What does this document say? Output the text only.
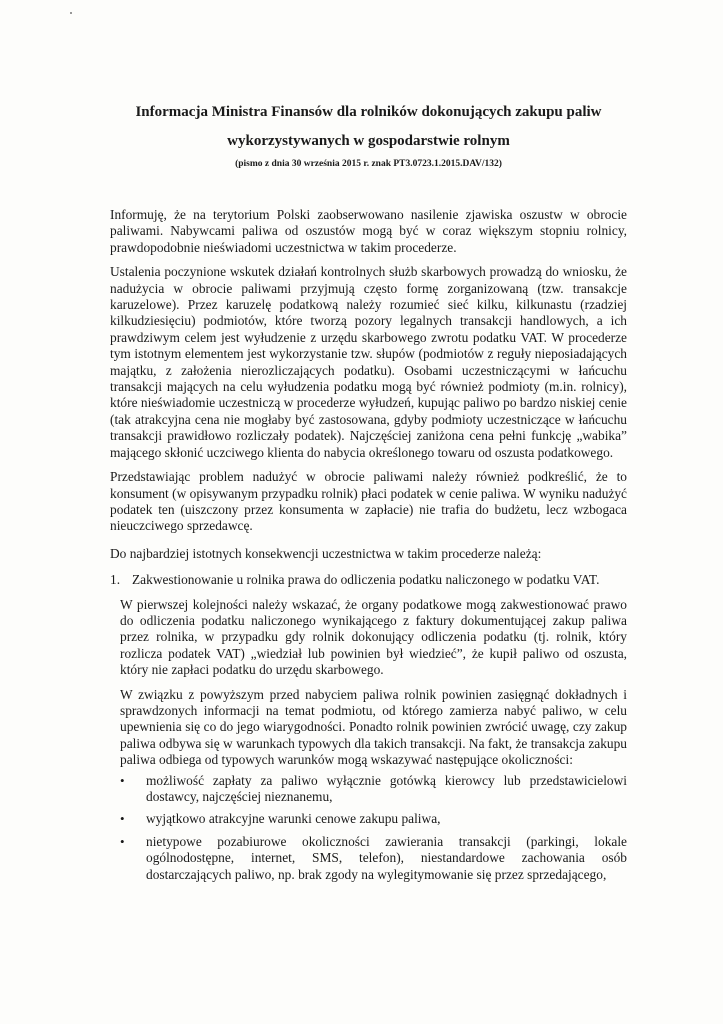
Informacja Ministra Finansów dla rolników dokonujących zakupu paliw wykorzystywanych w gospodarstwie rolnym
(pismo z dnia 30 września 2015 r. znak PT3.0723.1.2015.DAV/132)

Informuję, że na terytorium Polski zaobserwowano nasilenie zjawiska oszustw w obrocie paliwami. Nabywcami paliwa od oszustów mogą być w coraz większym stopniu rolnicy, prawdopodobnie nieświadomi uczestnictwa w takim procederze.

Ustalenia poczynione wskutek działań kontrolnych służb skarbowych prowadzą do wniosku, że nadużycia w obrocie paliwami przyjmują często formę zorganizowaną (tzw. transakcje karuzelowe). Przez karuzelę podatkową należy rozumieć sieć kilku, kilkunastu (rzadziej kilkudziesięciu) podmiotów, które tworzą pozory legalnych transakcji handlowych, a ich prawdziwym celem jest wyłudzenie z urzędu skarbowego zwrotu podatku VAT. W procederze tym istotnym elementem jest wykorzystanie tzw. słupów (podmiotów z reguły nieposiadających majątku, z założenia nierozliczających podatku). Osobami uczestniczącymi w łańcuchu transakcji mających na celu wyłudzenia podatku mogą być również podmioty (m.in. rolnicy), które nieświadomie uczestniczą w procederze wyłudzeń, kupując paliwo po bardzo niskiej cenie (tak atrakcyjna cena nie mogłaby być zastosowana, gdyby podmioty uczestniczące w łańcuchu transakcji prawidłowo rozliczały podatek). Najczęściej zaniżona cena pełni funkcję „wabika” mającego skłonić uczciwego klienta do nabycia określonego towaru od oszusta podatkowego.

Przedstawiając problem nadużyć w obrocie paliwami należy również podkreślić, że to konsument (w opisywanym przypadku rolnik) płaci podatek w cenie paliwa. W wyniku nadużyć podatek ten (uiszczony przez konsumenta w zapłacie) nie trafia do budżetu, lecz wzbogaca nieuczciwego sprzedawcę.

Do najbardziej istotnych konsekwencji uczestnictwa w takim procederze należą:

1. Zakwestionowanie u rolnika prawa do odliczenia podatku naliczonego w podatku VAT.

W pierwszej kolejności należy wskazać, że organy podatkowe mogą zakwestionować prawo do odliczenia podatku naliczonego wynikającego z faktury dokumentującej zakup paliwa przez rolnika, w przypadku gdy rolnik dokonujący odliczenia podatku (tj. rolnik, który rozlicza podatek VAT) „wiedział lub powinien był wiedzieć”, że kupił paliwo od oszusta, który nie zapłaci podatku do urzędu skarbowego.

W związku z powyższym przed nabyciem paliwa rolnik powinien zasięgnąć dokładnych i sprawdzonych informacji na temat podmiotu, od którego zamierza nabyć paliwo, w celu upewnienia się co do jego wiarygodności. Ponadto rolnik powinien zwrócić uwagę, czy zakup paliwa odbywa się w warunkach typowych dla takich transakcji. Na fakt, że transakcja zakupu paliwa odbiega od typowych warunków mogą wskazywać następujące okoliczności:

•	możliwość zapłaty za paliwo wyłącznie gotówką kierowcy lub przedstawicielowi dostawcy, najczęściej nieznanemu,
•	wyjątkowo atrakcyjne warunki cenowe zakupu paliwa,
•	nietypowe pozabiurowe okoliczności zawierania transakcji (parkingi, lokale ogólnodostępne, internet, SMS, telefon), niestandardowe zachowania osób dostarczających paliwo, np. brak zgody na wylegitymowanie się przez sprzedającego,
